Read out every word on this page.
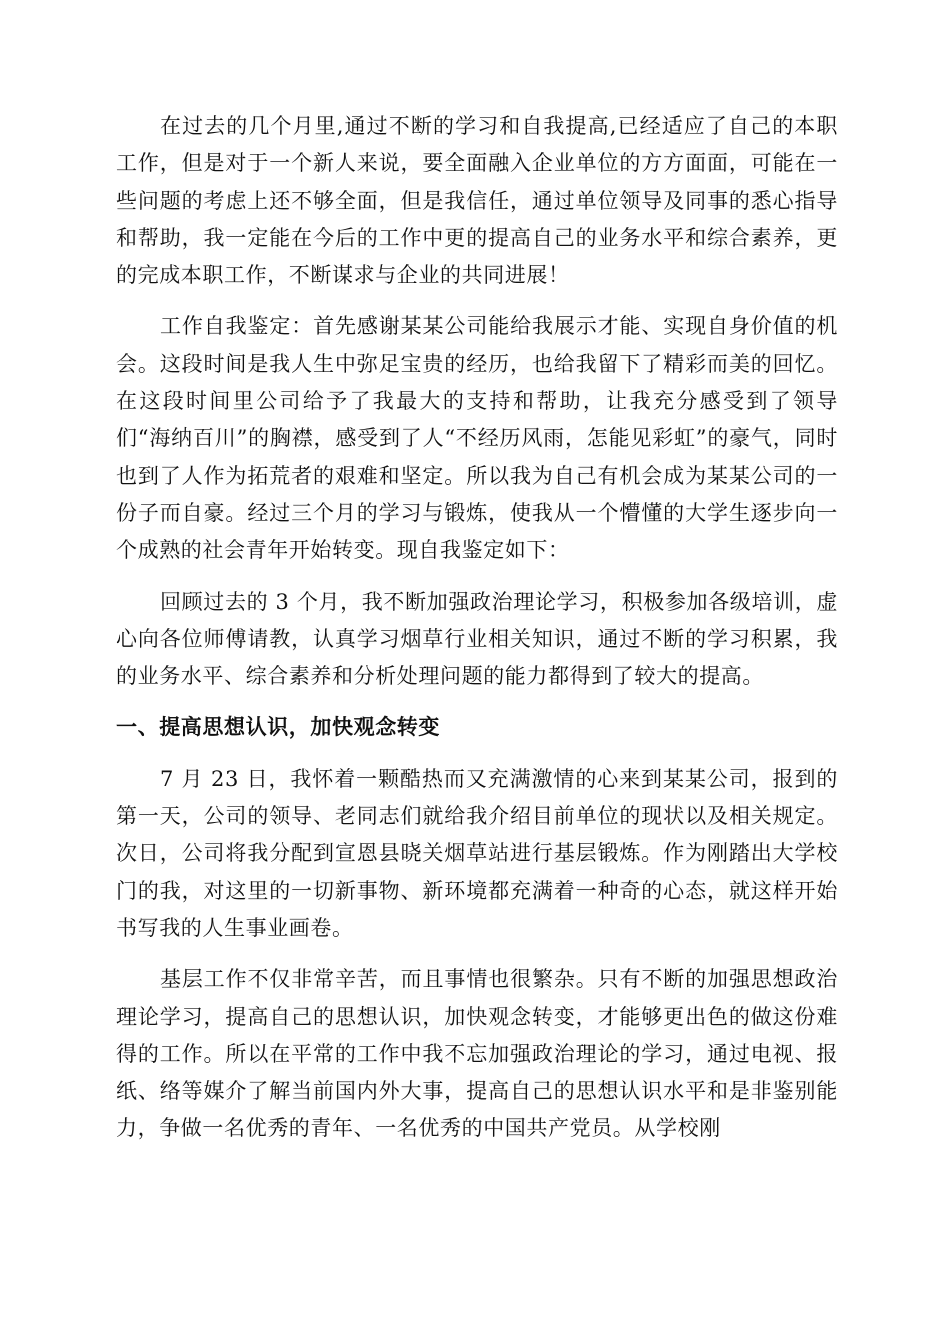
在过去的几个月里,通过不断的学习和自我提高,已经适应了自己的本职工作，但是对于一个新人来说，要全面融入企业单位的方方面面，可能在一些问题的考虑上还不够全面，但是我信任，通过单位领导及同事的悉心指导和帮助，我一定能在今后的工作中更的提高自己的业务水平和综合素养，更的完成本职工作，不断谋求与企业的共同进展！

工作自我鉴定：首先感谢某某公司能给我展示才能、实现自身价值的机会。这段时间是我人生中弥足宝贵的经历，也给我留下了精彩而美的回忆。在这段时间里公司给予了我最大的支持和帮助，让我充分感受到了领导们“海纳百川”的胸襟，感受到了人“不经历风雨，怎能见彩虹”的豪气，同时也到了人作为拓荒者的艰难和坚定。所以我为自己有机会成为某某公司的一份子而自豪。经过三个月的学习与锻炼，使我从一个懵懂的大学生逐步向一个成熟的社会青年开始转变。现自我鉴定如下：

回顾过去的 3 个月，我不断加强政治理论学习，积极参加各级培训，虚心向各位师傅请教，认真学习烟草行业相关知识，通过不断的学习积累，我的业务水平、综合素养和分析处理问题的能力都得到了较大的提高。

一、提高思想认识，加快观念转变

7 月 23 日，我怀着一颗酷热而又充满激情的心来到某某公司，报到的第一天，公司的领导、老同志们就给我介绍目前单位的现状以及相关规定。次日，公司将我分配到宣恩县晓关烟草站进行基层锻炼。作为刚踏出大学校门的我，对这里的一切新事物、新环境都充满着一种奇的心态，就这样开始书写我的人生事业画卷。

基层工作不仅非常辛苦，而且事情也很繁杂。只有不断的加强思想政治理论学习，提高自己的思想认识，加快观念转变，才能够更出色的做这份难得的工作。所以在平常的工作中我不忘加强政治理论的学习，通过电视、报纸、络等媒介了解当前国内外大事，提高自己的思想认识水平和是非鉴别能力，争做一名优秀的青年、一名优秀的中国共产党员。从学校刚
